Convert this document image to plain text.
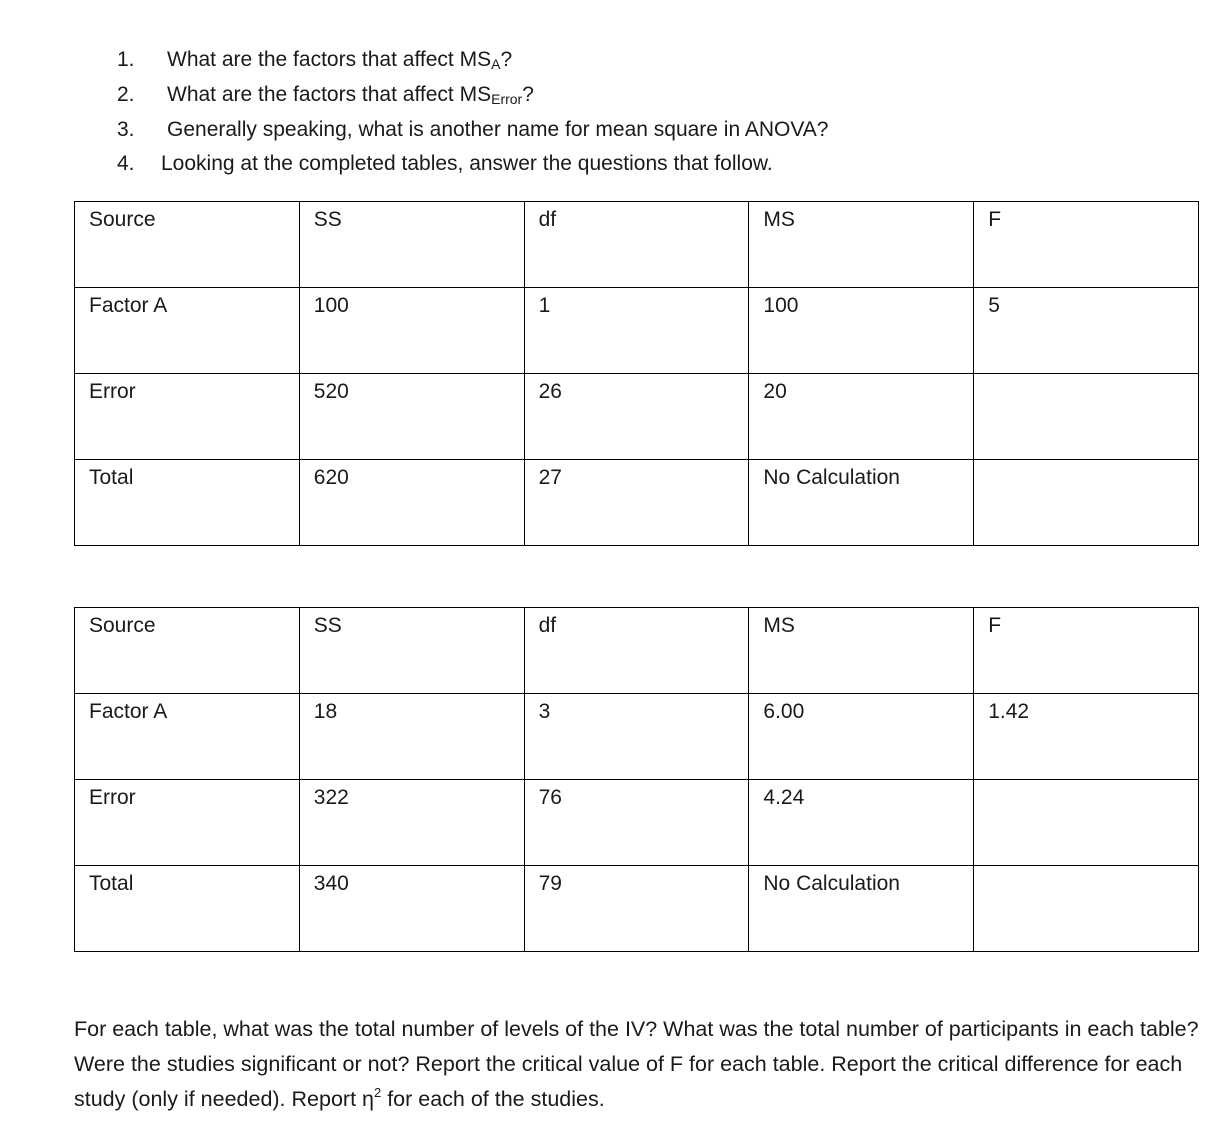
1. What are the factors that affect $MS_A$?
2. What are the factors that affect $MS_{Error}$?
3. Generally speaking, what is another name for mean square in ANOVA?
4. Looking at the completed tables, answer the questions that follow.
Source	SS	df	MS	F
Factor A	100	1	100	5
Error	520	26	20	
Total	620	27	No Calculation	
Source	SS	df	MS	F
Factor A	18	3	6.00	1.42
Error	322	76	4.24	
Total	340	79	No Calculation	

For each table, what was the total number of levels of the IV? What was the total number of participants in each table? Were the studies significant or not? Report the critical value of F for each table. Report the critical difference for each study (only if needed). Report $\eta^2$ for each of the studies.
